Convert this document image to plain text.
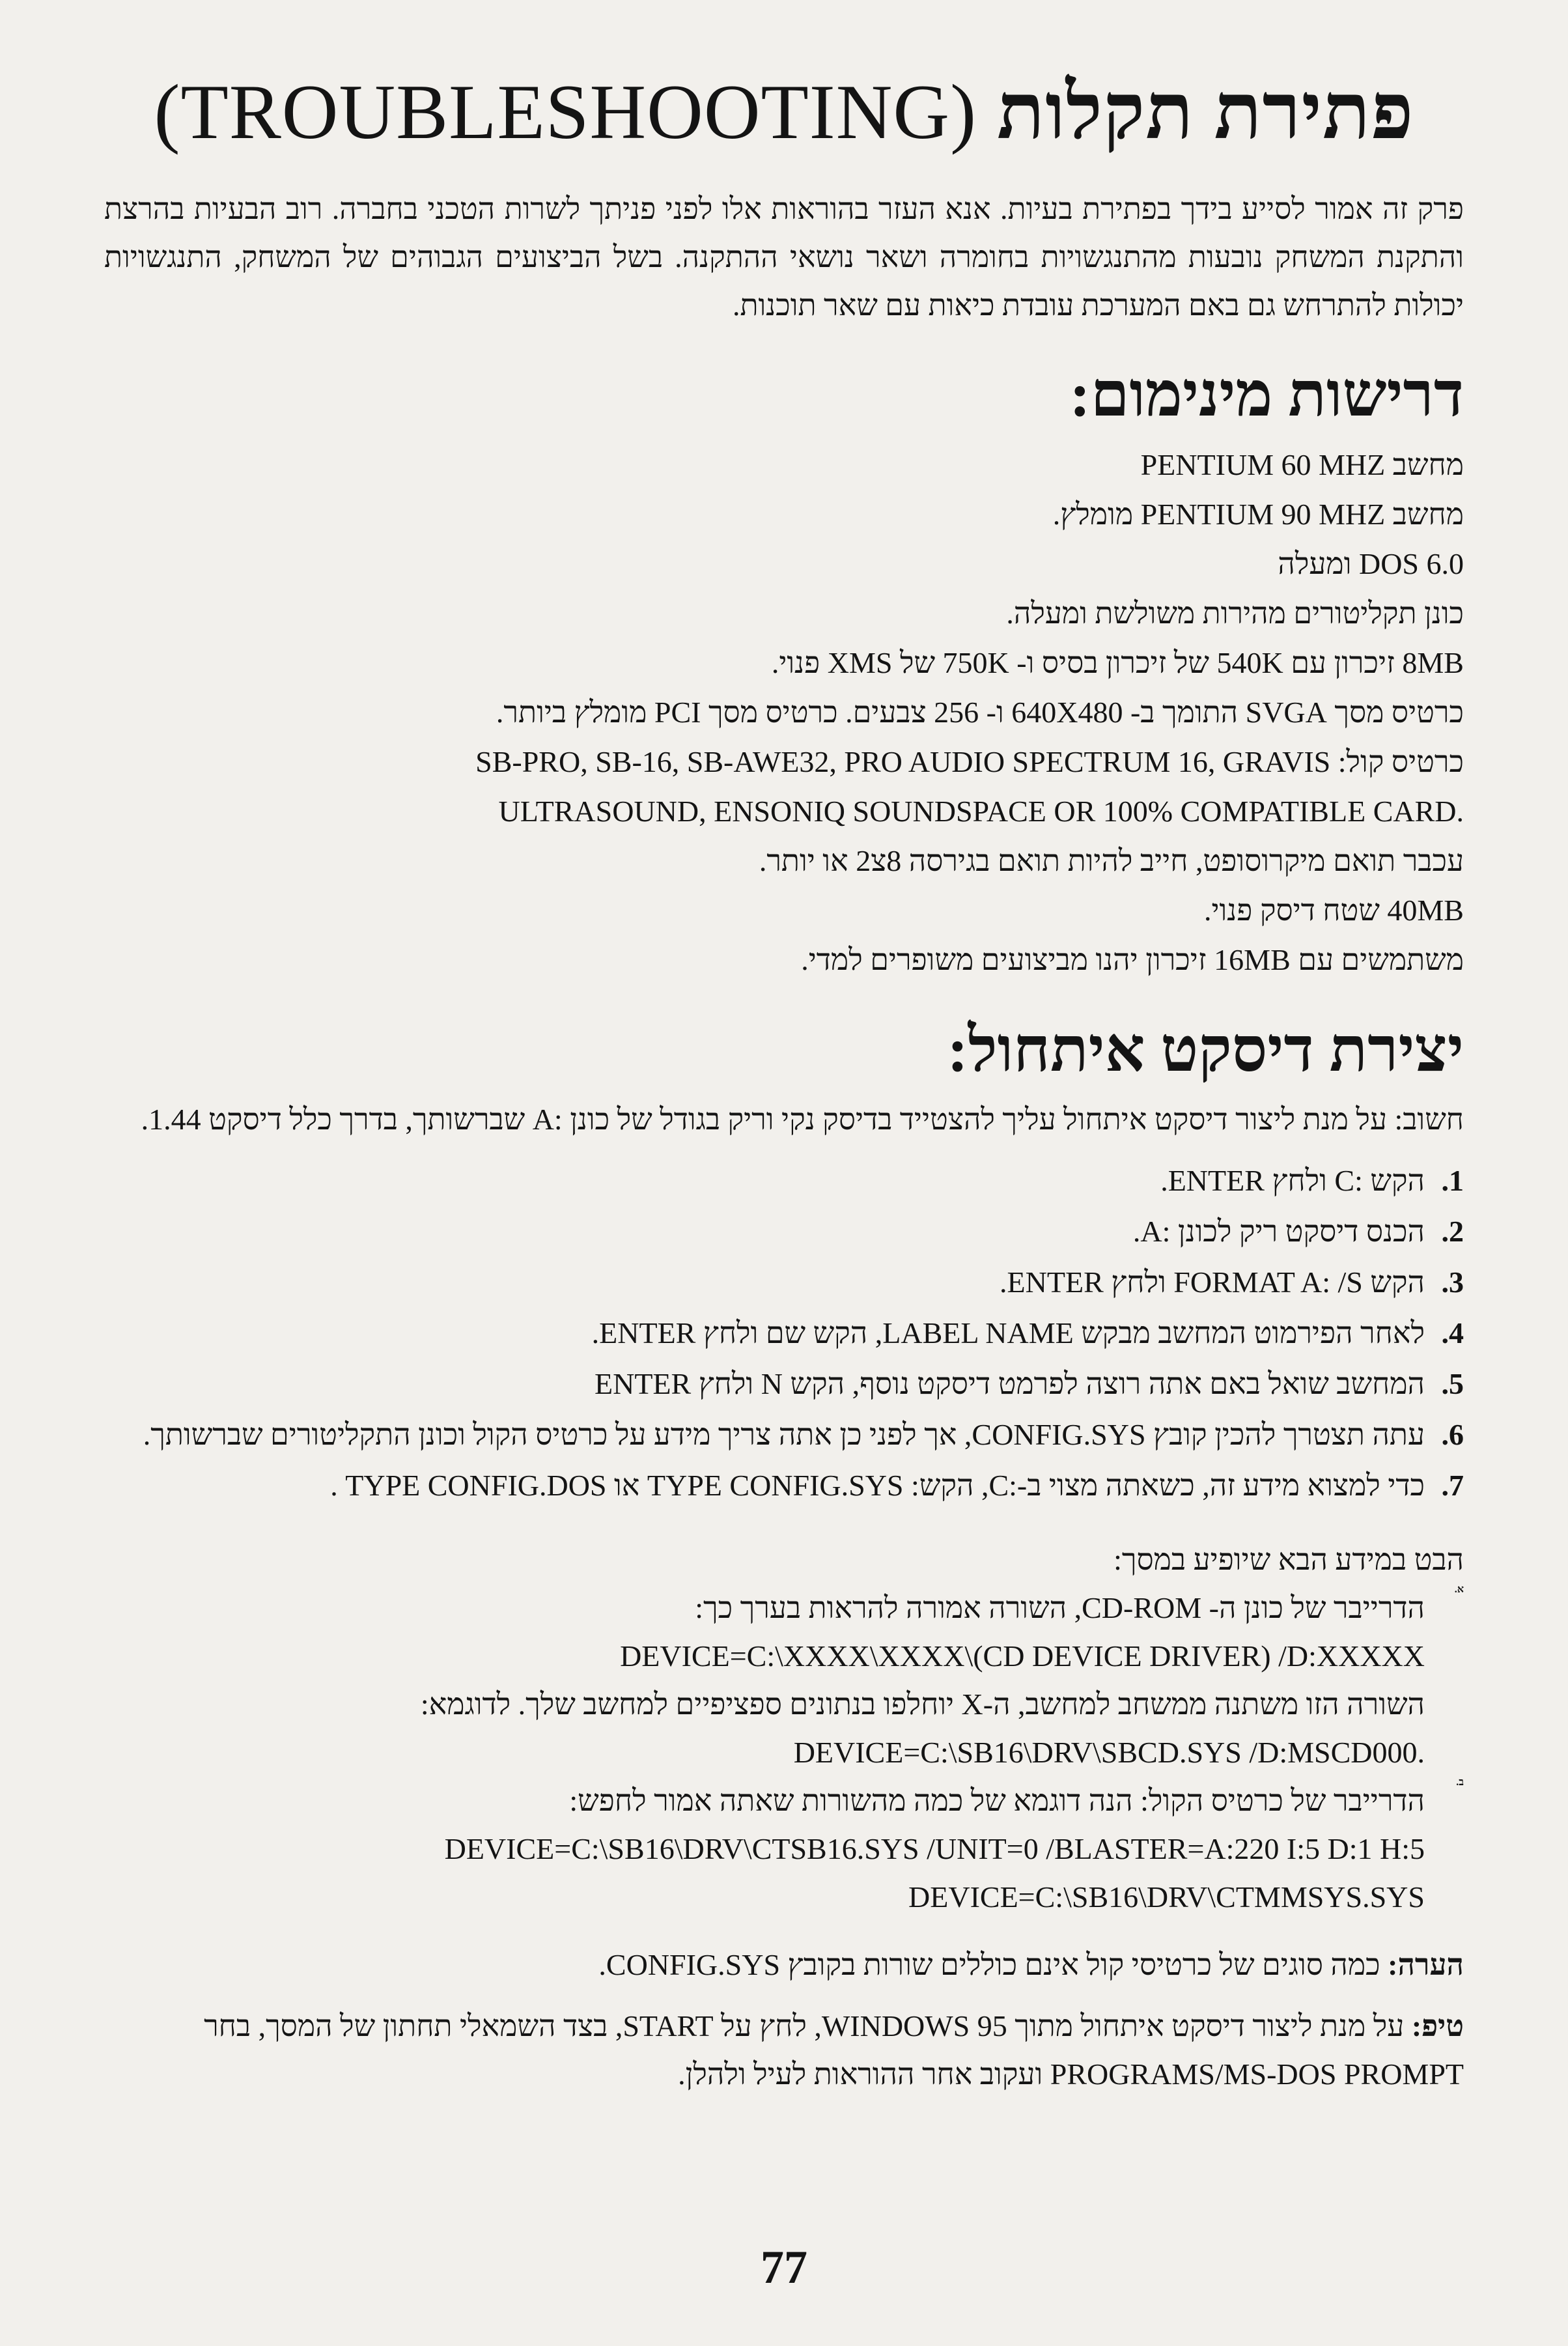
פתירת תקלות (TROUBLESHOOTING)

פרק זה אמור לסייע בידך בפתירת בעיות. אנא העזר בהוראות אלו לפני פניתך לשרות הטכני בחברה. רוב הבעיות בהרצת והתקנת המשחק נובעות מהתנגשויות בחומרה ושאר נושאי ההתקנה. בשל הביצועים הגבוהים של המשחק, התנגשויות יכולות להתרחש גם באם המערכת עובדת כיאות עם שאר תוכנות.

דרישות מינימום:
מחשב PENTIUM 60 MHZ
מחשב PENTIUM 90 MHZ מומלץ.
DOS 6.0 ומעלה
כונן תקליטורים מהירות משולשת ומעלה.
8MB זיכרון עם 540K של זיכרון בסיס ו- 750K של XMS פנוי.
כרטיס מסך SVGA התומך ב- 640X480 ו- 256 צבעים. כרטיס מסך PCI מומלץ ביותר.
כרטיס קול: SB-PRO, SB-16, SB-AWE32, PRO AUDIO SPECTRUM 16, GRAVIS
ULTRASOUND, ENSONIQ SOUNDSPACE OR 100% COMPATIBLE CARD.
עכבר תואם מיקרוסופט, חייב להיות תואם בגירסה 8צ2 או יותר.
40MB שטח דיסק פנוי.
משתמשים עם 16MB זיכרון יהנו מביצועים משופרים למדי.
יצירת דיסקט איתחול:

חשוב: על מנת ליצור דיסקט איתחול עליך להצטייד בדיסק נקי וריק בגודל של כונן :A שברשותך, בדרך כלל דיסקט 1.44.

1.
הקש :C ולחץ ENTER.
2.
הכנס דיסקט ריק לכונן :A.
3.
הקש FORMAT A: /S ולחץ ENTER.
4.
לאחר הפירמוט המחשב מבקש LABEL NAME, הקש שם ולחץ ENTER.
5.
המחשב שואל באם אתה רוצה לפרמט דיסקט נוסף, הקש N ולחץ ENTER
6.
עתה תצטרך להכין קובץ CONFIG.SYS, אך לפני כן אתה צריך מידע על כרטיס הקול וכונן התקליטורים שברשותך.
7.
כדי למצוא מידע זה, כשאתה מצוי ב-:C, הקש: TYPE CONFIG.SYS או TYPE CONFIG.DOS .

הבט במידע הבא שיופיע במסך:

א.

הדרייבר של כונן ה- CD-ROM, השורה אמורה להראות בערך כך:

DEVICE=C:\XXXX\XXXX\(CD DEVICE DRIVER) /D:XXXXX

השורה הזו משתנה ממשחב למחשב, ה-X יוחלפו בנתונים ספציפיים למחשב שלך. לדוגמא:

DEVICE=C:\SB16\DRV\SBCD.SYS /D:MSCD000.

ב.

הדרייבר של כרטיס הקול: הנה דוגמא של כמה מהשורות שאתה אמור לחפש:

DEVICE=C:\SB16\DRV\CTSB16.SYS /UNIT=0 /BLASTER=A:220 I:5 D:1 H:5

DEVICE=C:\SB16\DRV\CTMMSYS.SYS

הערה: כמה סוגים של כרטיסי קול אינם כוללים שורות בקובץ CONFIG.SYS.

טיפ: על מנת ליצור דיסקט איתחול מתוך WINDOWS 95, לחץ על START, בצד השמאלי תחתון של המסך, בחר PROGRAMS/MS-DOS PROMPT ועקוב אחר ההוראות לעיל ולהלן.

77
